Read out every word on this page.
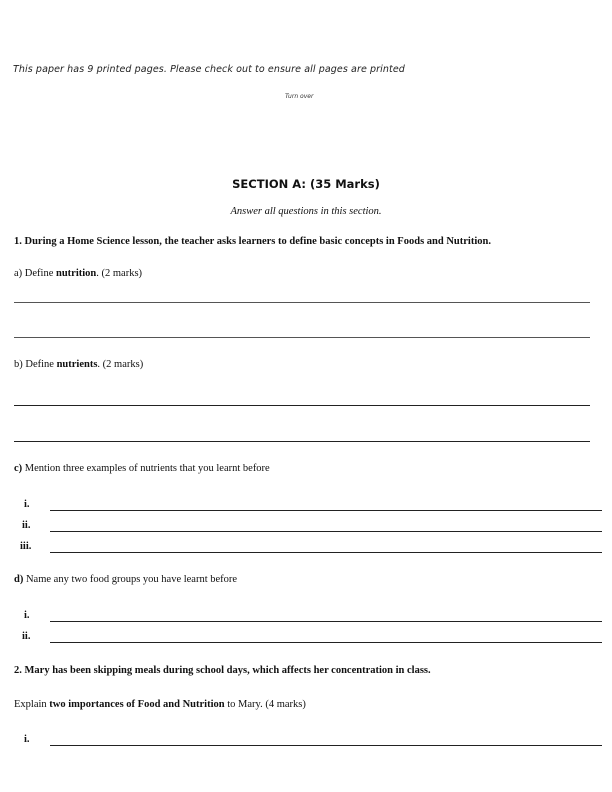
This paper has 9 printed pages. Please check out to ensure all pages are printed
Turn over
SECTION A: (35 Marks)
Answer all questions in this section.
1. During a Home Science lesson, the teacher asks learners to define basic concepts in Foods and Nutrition.
a) Define nutrition. (2 marks)
b) Define nutrients. (2 marks)
c) Mention three examples of nutrients that you learnt before
i.
ii.
iii.
d) Name any two food groups you have learnt before
i.
ii.
2. Mary has been skipping meals during school days, which affects her concentration in class.
Explain two importances of Food and Nutrition to Mary. (4 marks)
i.
